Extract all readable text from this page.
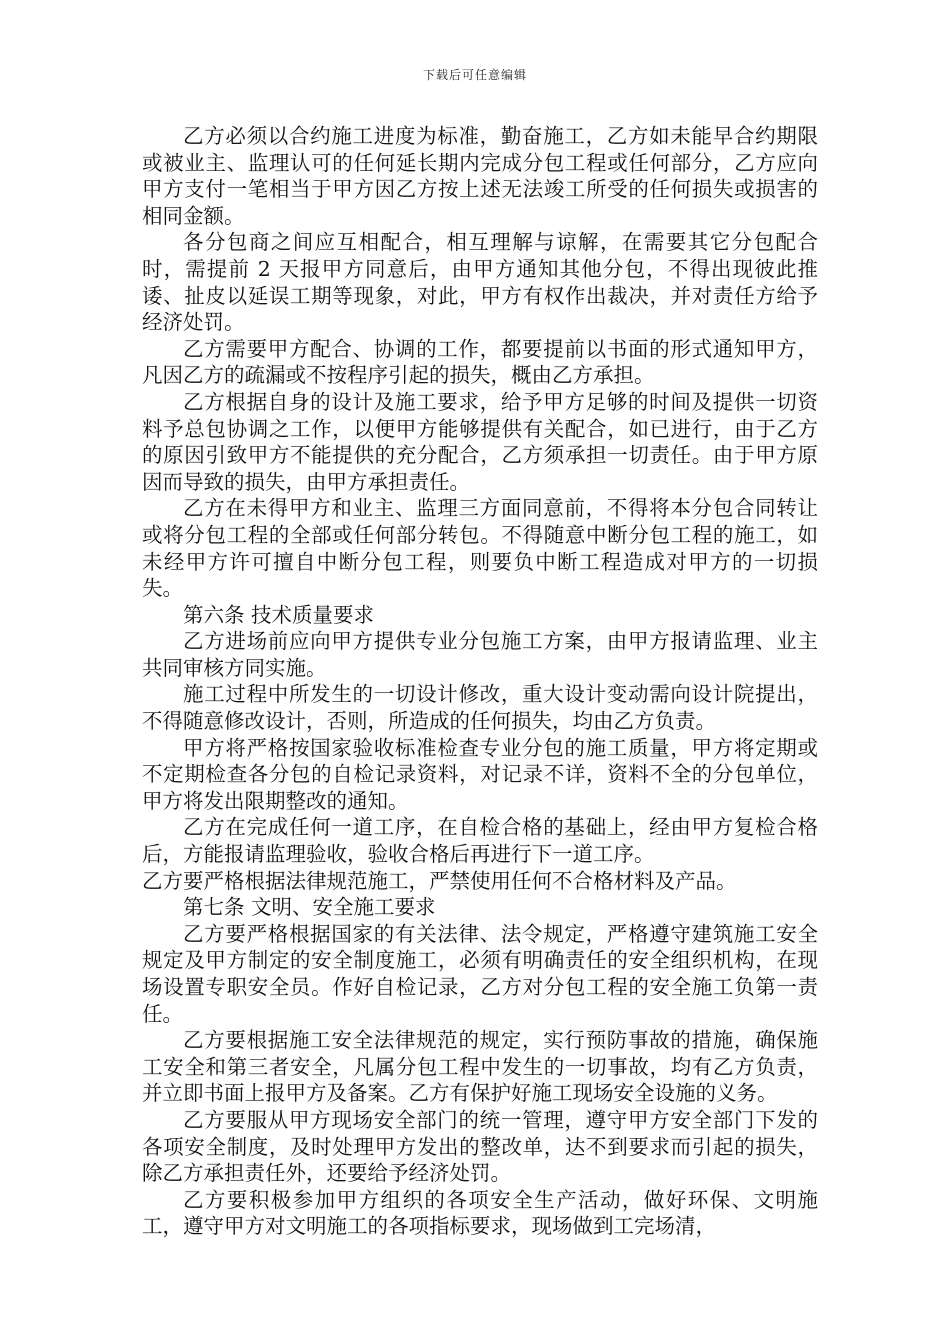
下载后可任意编辑

乙方必须以合约施工进度为标准，勤奋施工，乙方如未能早合约期限或被业主、监理认可的任何延长期内完成分包工程或任何部分，乙方应向甲方支付一笔相当于甲方因乙方按上述无法竣工所受的任何损失或损害的相同金额。

各分包商之间应互相配合，相互理解与谅解，在需要其它分包配合时，需提前 2 天报甲方同意后，由甲方通知其他分包，不得出现彼此推诿、扯皮以延误工期等现象，对此，甲方有权作出裁决，并对责任方给予经济处罚。

乙方需要甲方配合、协调的工作，都要提前以书面的形式通知甲方，凡因乙方的疏漏或不按程序引起的损失，概由乙方承担。

乙方根据自身的设计及施工要求，给予甲方足够的时间及提供一切资料予总包协调之工作，以便甲方能够提供有关配合，如已进行，由于乙方的原因引致甲方不能提供的充分配合，乙方须承担一切责任。由于甲方原因而导致的损失，由甲方承担责任。

乙方在未得甲方和业主、监理三方面同意前，不得将本分包合同转让或将分包工程的全部或任何部分转包。不得随意中断分包工程的施工，如未经甲方许可擅自中断分包工程，则要负中断工程造成对甲方的一切损失。

第六条 技术质量要求

乙方进场前应向甲方提供专业分包施工方案，由甲方报请监理、业主共同审核方同实施。

施工过程中所发生的一切设计修改，重大设计变动需向设计院提出，不得随意修改设计，否则，所造成的任何损失，均由乙方负责。

甲方将严格按国家验收标准检查专业分包的施工质量，甲方将定期或不定期检查各分包的自检记录资料，对记录不详，资料不全的分包单位，甲方将发出限期整改的通知。

乙方在完成任何一道工序，在自检合格的基础上，经由甲方复检合格后，方能报请监理验收，验收合格后再进行下一道工序。

乙方要严格根据法律规范施工，严禁使用任何不合格材料及产品。

第七条 文明、安全施工要求

乙方要严格根据国家的有关法律、法令规定，严格遵守建筑施工安全规定及甲方制定的安全制度施工，必须有明确责任的安全组织机构，在现场设置专职安全员。作好自检记录，乙方对分包工程的安全施工负第一责任。

乙方要根据施工安全法律规范的规定，实行预防事故的措施，确保施工安全和第三者安全，凡属分包工程中发生的一切事故，均有乙方负责，并立即书面上报甲方及备案。乙方有保护好施工现场安全设施的义务。

乙方要服从甲方现场安全部门的统一管理，遵守甲方安全部门下发的各项安全制度，及时处理甲方发出的整改单，达不到要求而引起的损失，除乙方承担责任外，还要给予经济处罚。

乙方要积极参加甲方组织的各项安全生产活动，做好环保、文明施工，遵守甲方对文明施工的各项指标要求，现场做到工完场清，
